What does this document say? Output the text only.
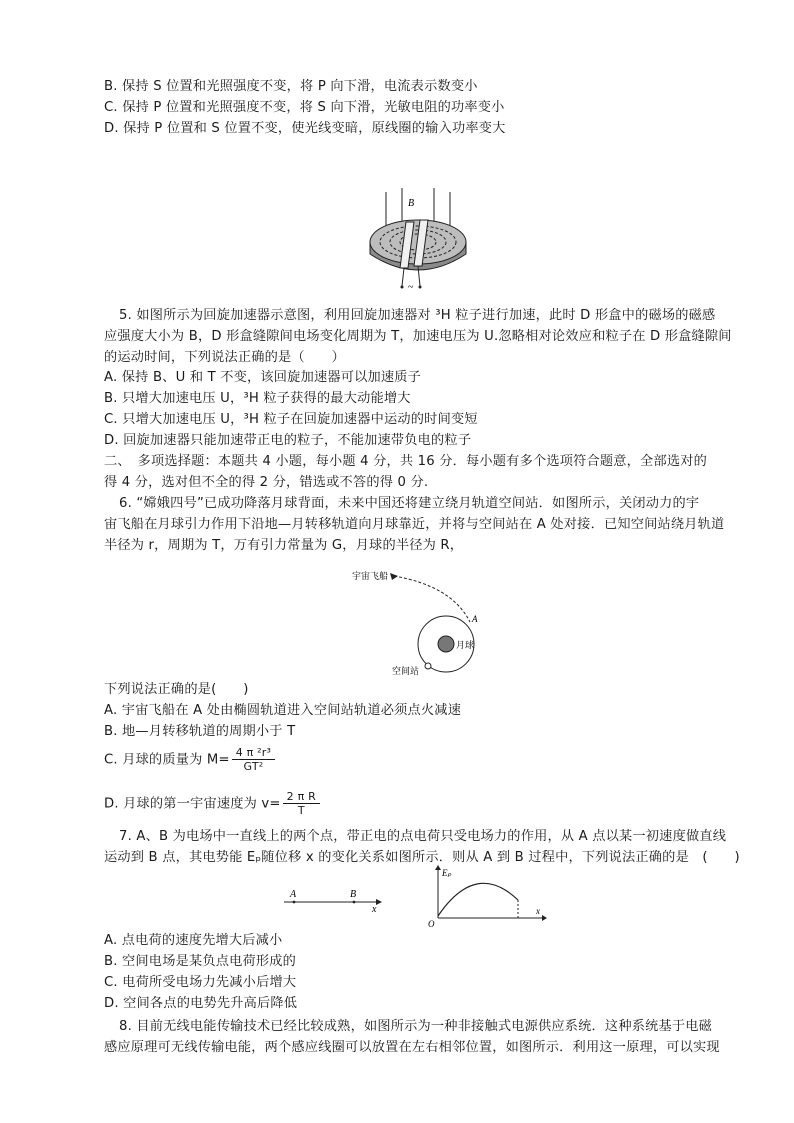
B. 保持 S 位置和光照强度不变，将 P 向下滑，电流表示数变小
C. 保持 P 位置和光照强度不变，将 S 向下滑，光敏电阻的功率变小
D. 保持 P 位置和 S 位置不变，使光线变暗，原线圈的输入功率变大
B
~
5. 如图所示为回旋加速器示意图，利用回旋加速器对 ³H 粒子进行加速，此时 D 形盒中的磁场的磁感
应强度大小为 B，D 形盒缝隙间电场变化周期为 T，加速电压为 U.忽略相对论效应和粒子在 D 形盒缝隙间
的运动时间，下列说法正确的是（　　）
A. 保持 B、U 和 T 不变，该回旋加速器可以加速质子
B. 只增大加速电压 U，³H 粒子获得的最大动能增大
C. 只增大加速电压 U，³H 粒子在回旋加速器中运动的时间变短
D. 回旋加速器只能加速带正电的粒子，不能加速带负电的粒子
二、　多项选择题：本题共 4 小题，每小题 4 分，共 16 分．每小题有多个选项符合题意，全部选对的
得 4 分，选对但不全的得 2 分，错选或不答的得 0 分.
6. “嫦娥四号”已成功降落月球背面，未来中国还将建立绕月轨道空间站．如图所示，关闭动力的宇
宙飞船在月球引力作用下沿地—月转移轨道向月球靠近，并将与空间站在 A 处对接．已知空间站绕月轨道
半径为 r，周期为 T，万有引力常量为 G，月球的半径为 R，
宇宙飞船
A
月球
空间站
下列说法正确的是(　　)
A. 宇宙飞船在 A 处由椭圆轨道进入空间站轨道必须点火减速
B. 地—月转移轨道的周期小于 T
C. 月球的质量为 $M= \frac{\text{4 π ²r³}}{\text{GT²}}$
D. 月球的第一宇宙速度为 $v= \frac{\text{2 π R}}{T}$
7. A、B 为电场中一直线上的两个点，带正电的点电荷只受电场力的作用，从 A 点以某一初速度做直线
运动到 B 点，其电势能 Eₚ随位移 x 的变化关系如图所示．则从 A 到 B 过程中，下列说法正确的是　(　　)
A	B
x
Eₚ
O
x
A. 点电荷的速度先增大后减小
B. 空间电场是某负点电荷形成的
C. 电荷所受电场力先减小后增大
D. 空间各点的电势先升高后降低
8. 目前无线电能传输技术已经比较成熟，如图所示为一种非接触式电源供应系统．这种系统基于电磁
感应原理可无线传输电能，两个感应线圈可以放置在左右相邻位置，如图所示．利用这一原理，可以实现
